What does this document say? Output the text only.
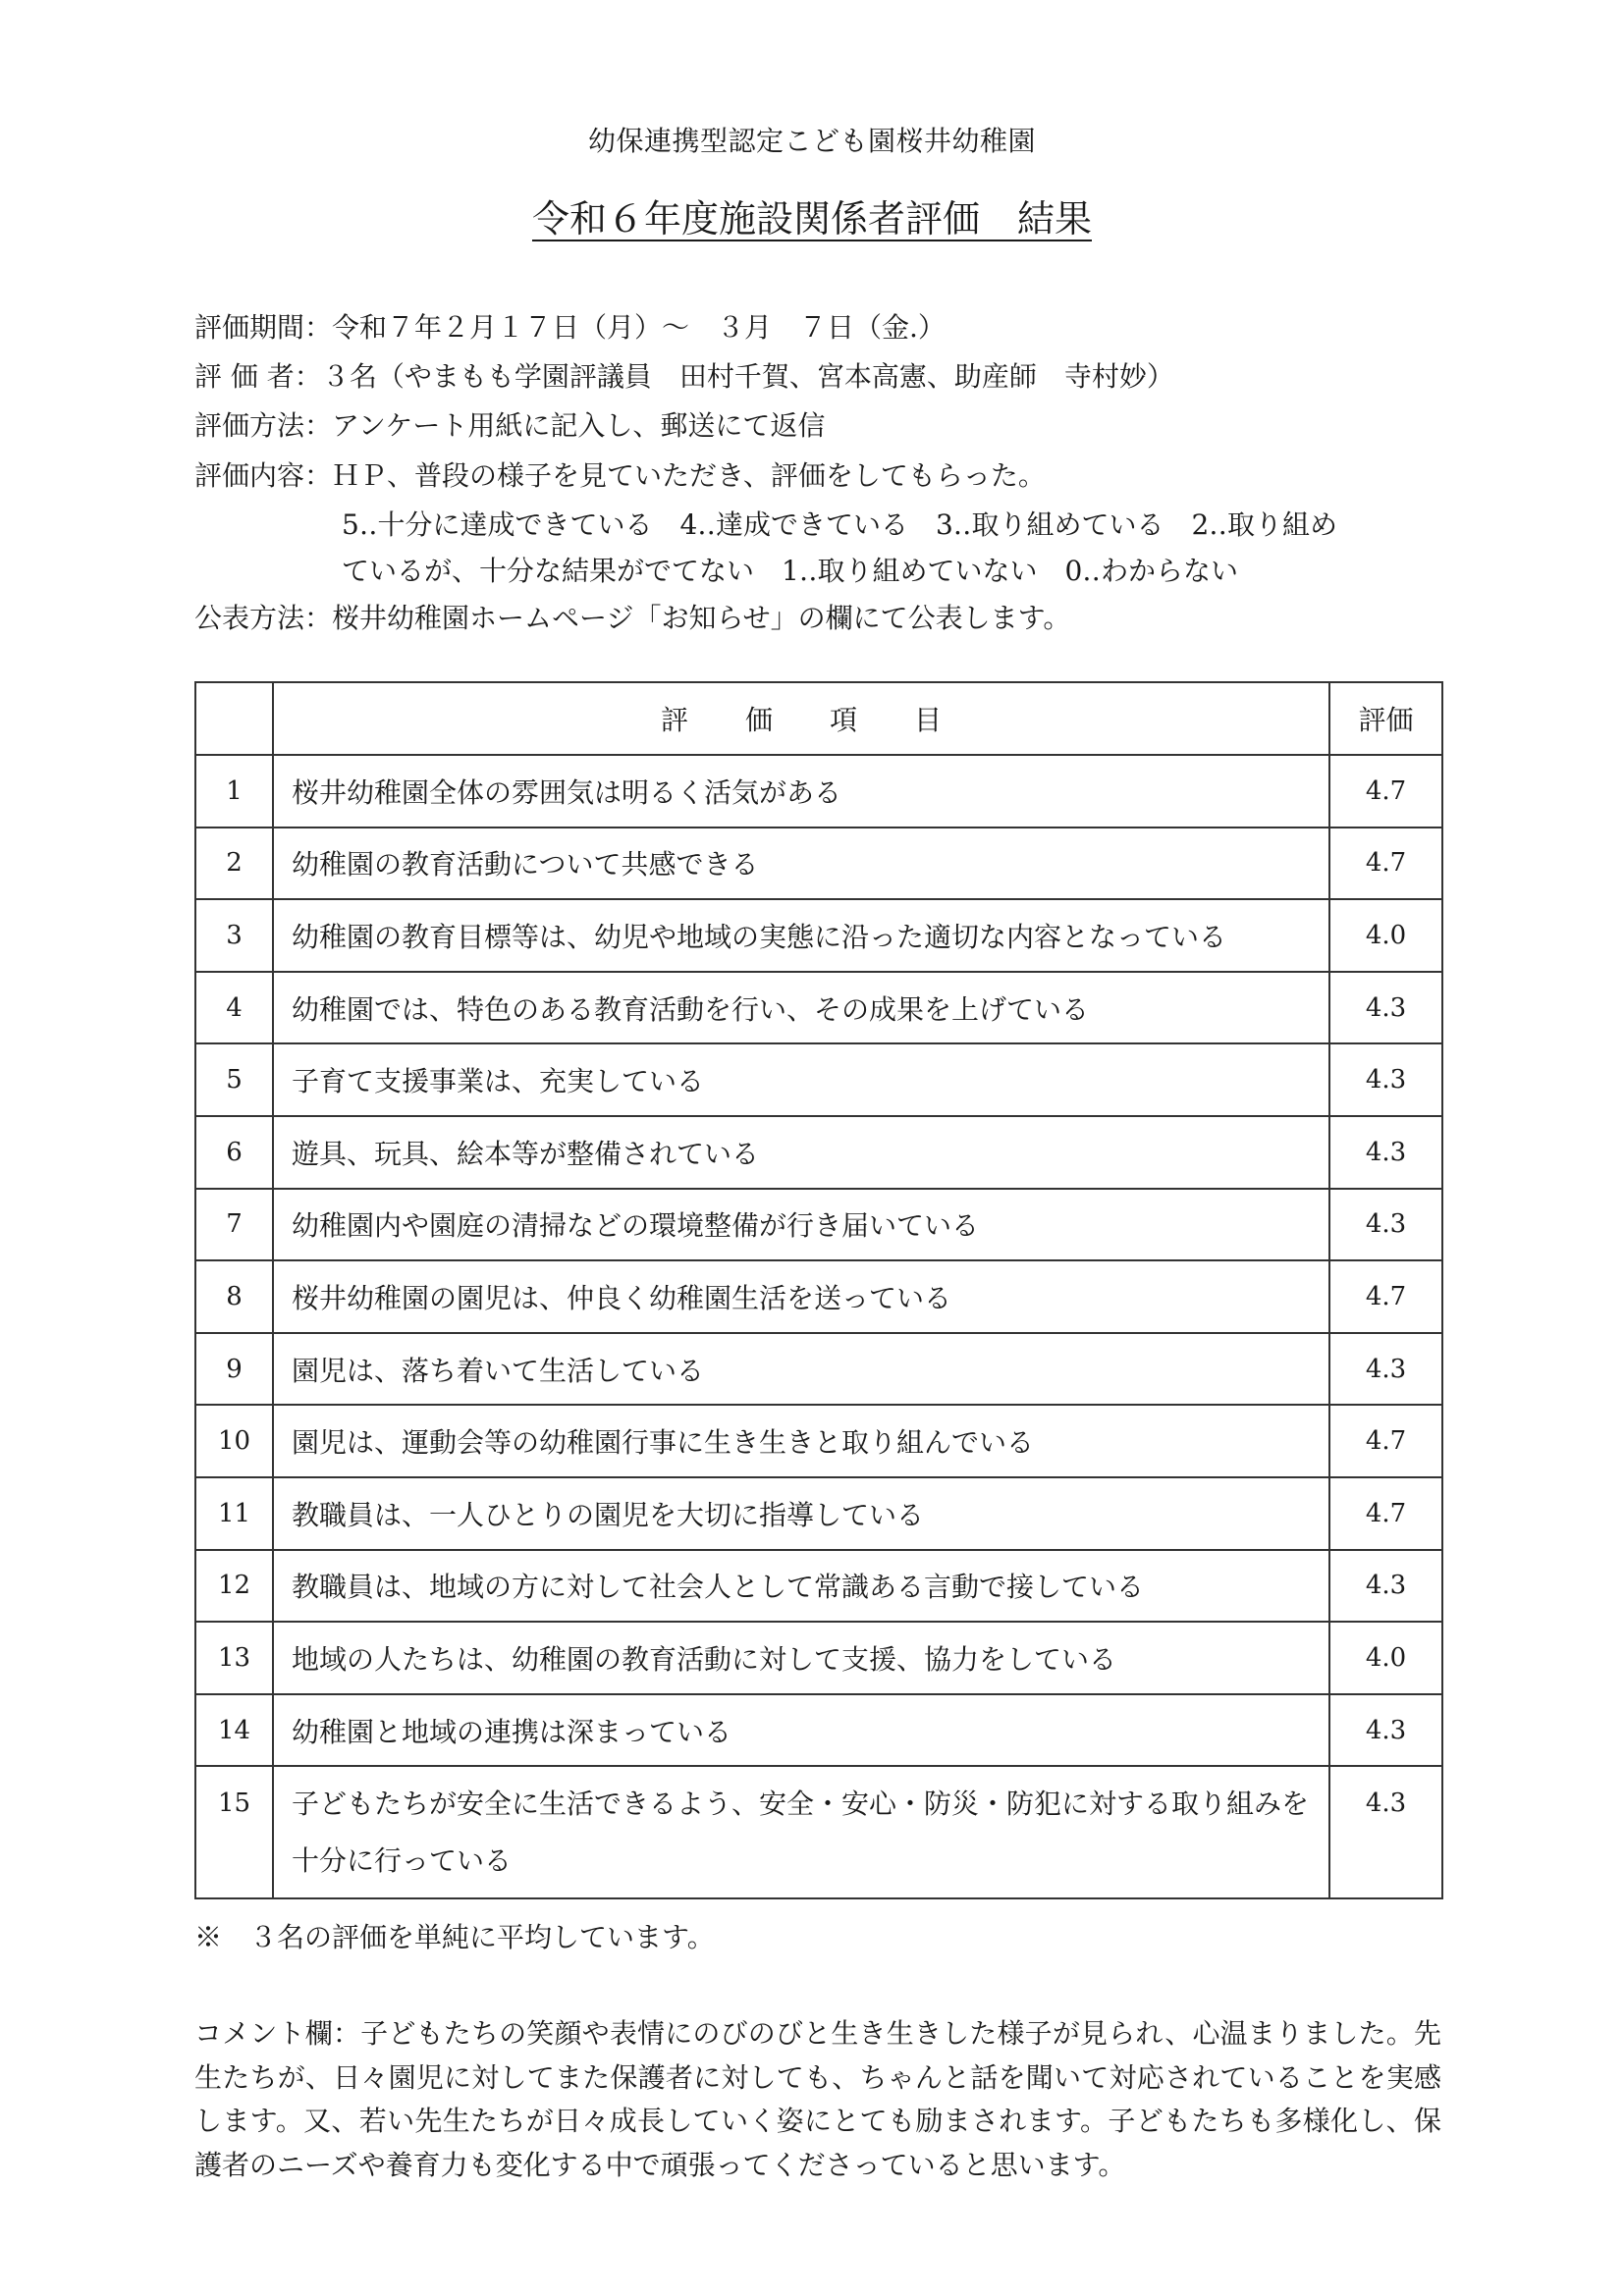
幼保連携型認定こども園桜井幼稚園
令和６年度施設関係者評価　結果
評価期間：令和７年２月１７日（月）～　３月　７日（金.）
評 価 者：３名（やまもも学園評議員　田村千賀、宮本高憲、助産師　寺村妙）
評価方法：アンケート用紙に記入し、郵送にて返信
評価内容：ＨＰ、普段の様子を見ていただき、評価をしてもらった。
5‥十分に達成できている　4‥達成できている　3‥取り組めている　2‥取り組め
ているが、十分な結果がでてない　1‥取り組めていない　0‥わからない
公表方法：桜井幼稚園ホームページ「お知らせ」の欄にて公表します。
	評価項目	評価
1	桜井幼稚園全体の雰囲気は明るく活気がある	4.7
2	幼稚園の教育活動について共感できる	4.7
3	幼稚園の教育目標等は、幼児や地域の実態に沿った適切な内容となっている	4.0
4	幼稚園では、特色のある教育活動を行い、その成果を上げている	4.3
5	子育て支援事業は、充実している	4.3
6	遊具、玩具、絵本等が整備されている	4.3
7	幼稚園内や園庭の清掃などの環境整備が行き届いている	4.3
8	桜井幼稚園の園児は、仲良く幼稚園生活を送っている	4.7
9	園児は、落ち着いて生活している	4.3
10	園児は、運動会等の幼稚園行事に生き生きと取り組んでいる	4.7
11	教職員は、一人ひとりの園児を大切に指導している	4.7
12	教職員は、地域の方に対して社会人として常識ある言動で接している	4.3
13	地域の人たちは、幼稚園の教育活動に対して支援、協力をしている	4.0
14	幼稚園と地域の連携は深まっている	4.3
15	子どもたちが安全に生活できるよう、安全・安心・防災・防犯に対する取り組みを十分に行っている	4.3
※　３名の評価を単純に平均しています。
コメント欄：子どもたちの笑顔や表情にのびのびと生き生きした様子が見られ、心温まりました。先生たちが、日々園児に対してまた保護者に対しても、ちゃんと話を聞いて対応されていることを実感します。又、若い先生たちが日々成長していく姿にとても励まされます。子どもたちも多様化し、保護者のニーズや養育力も変化する中で頑張ってくださっていると思います。
